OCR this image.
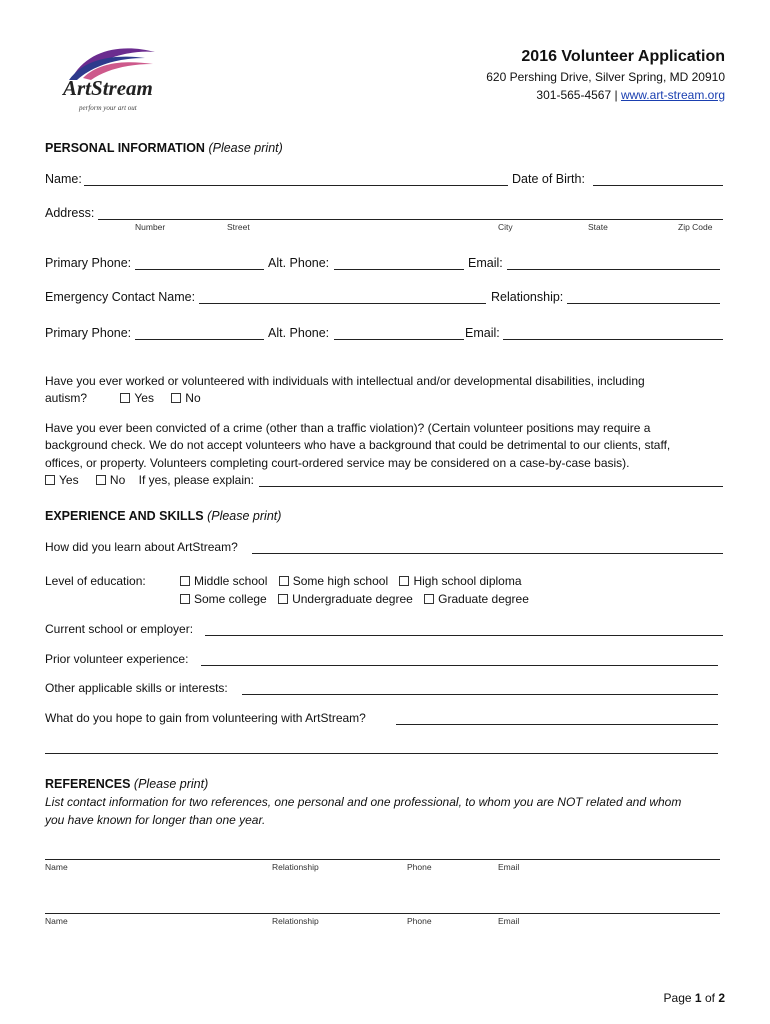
ArtStream
perform your art out
2016 Volunteer Application
620 Pershing Drive, Silver Spring, MD 20910
301-565-4567 | www.art-stream.org
PERSONAL INFORMATION (Please print)
Name:	Date of Birth:
Address:
Number	Street	City	State	Zip Code
Primary Phone:	Alt. Phone:	Email:
Emergency Contact Name:	Relationship:
Primary Phone:	Alt. Phone:	Email:
Have you ever worked or volunteered with individuals with intellectual and/or developmental disabilities, including
autism?	Yes	No
Have you ever been convicted of a crime (other than a traffic violation)? (Certain volunteer positions may require a
background check. We do not accept volunteers who have a background that could be detrimental to our clients, staff,
offices, or property. Volunteers completing court-ordered service may be considered on a case-by-case basis).
Yes	No If yes, please explain:
EXPERIENCE AND SKILLS (Please print)
How did you learn about ArtStream?
Level of education:	Middle school Some high school High school diploma
Some college Undergraduate degree Graduate degree
Current school or employer:
Prior volunteer experience:
Other applicable skills or interests:
What do you hope to gain from volunteering with ArtStream?
REFERENCES (Please print)
List contact information for two references, one personal and one professional, to whom you are NOT related and whom
you have known for longer than one year.
Name	Relationship	Phone	Email
Name	Relationship	Phone	Email
Page 1 of 2
